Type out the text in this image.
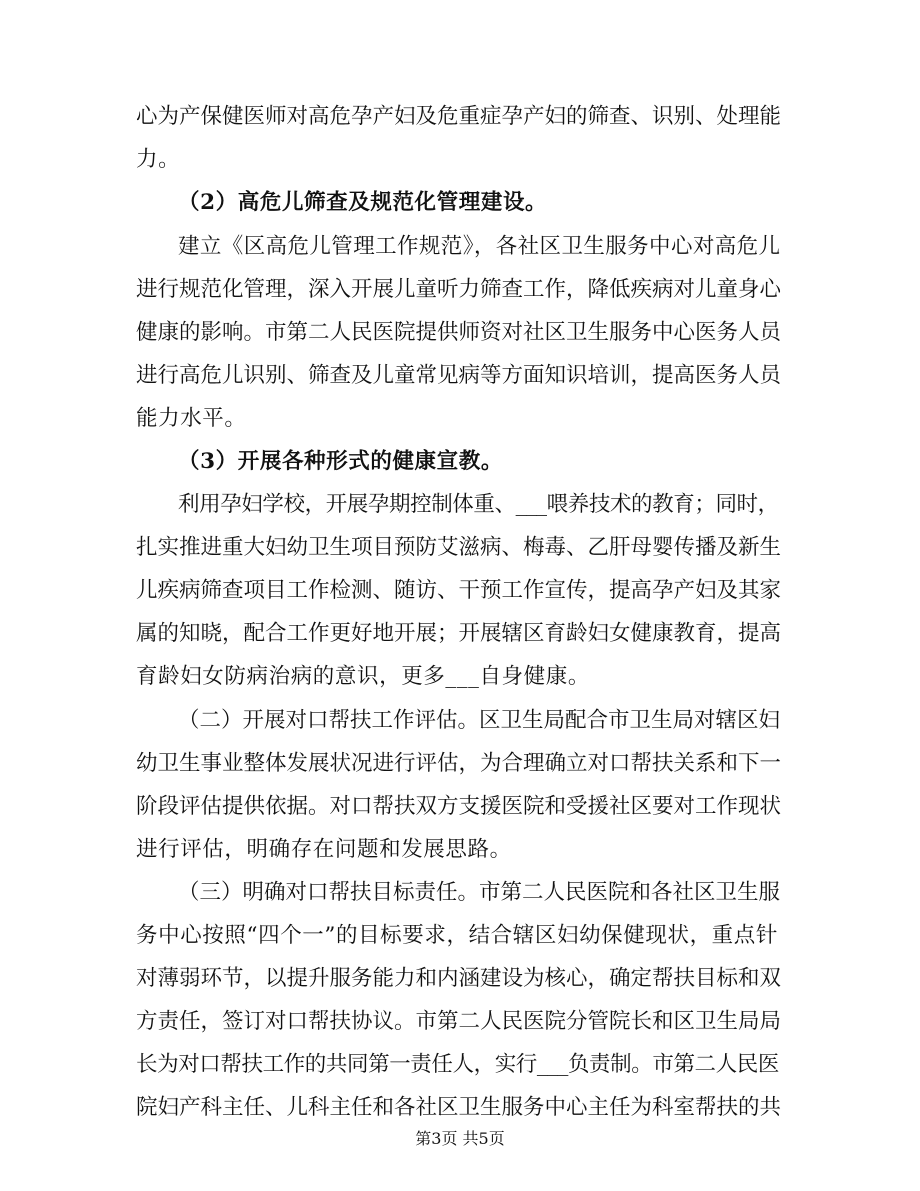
心为产保健医师对高危孕产妇及危重症孕产妇的筛查、识别、处理能
力。
（2）高危儿筛查及规范化管理建设。
建立《区高危儿管理工作规范》，各社区卫生服务中心对高危儿
进行规范化管理，深入开展儿童听力筛查工作，降低疾病对儿童身心
健康的影响。市第二人民医院提供师资对社区卫生服务中心医务人员
进行高危儿识别、筛查及儿童常见病等方面知识培训，提高医务人员
能力水平。
（3）开展各种形式的健康宣教。
利用孕妇学校，开展孕期控制体重、___喂养技术的教育；同时，
扎实推进重大妇幼卫生项目预防艾滋病、梅毒、乙肝母婴传播及新生
儿疾病筛查项目工作检测、随访、干预工作宣传，提高孕产妇及其家
属的知晓，配合工作更好地开展；开展辖区育龄妇女健康教育，提高
育龄妇女防病治病的意识，更多___自身健康。
（二）开展对口帮扶工作评估。区卫生局配合市卫生局对辖区妇
幼卫生事业整体发展状况进行评估，为合理确立对口帮扶关系和下一
阶段评估提供依据。对口帮扶双方支援医院和受援社区要对工作现状
进行评估，明确存在问题和发展思路。
（三）明确对口帮扶目标责任。市第二人民医院和各社区卫生服
务中心按照“四个一”的目标要求，结合辖区妇幼保健现状，重点针
对薄弱环节，以提升服务能力和内涵建设为核心，确定帮扶目标和双
方责任，签订对口帮扶协议。市第二人民医院分管院长和区卫生局局
长为对口帮扶工作的共同第一责任人，实行___负责制。市第二人民医
院妇产科主任、儿科主任和各社区卫生服务中心主任为科室帮扶的共
第3页 共5页
